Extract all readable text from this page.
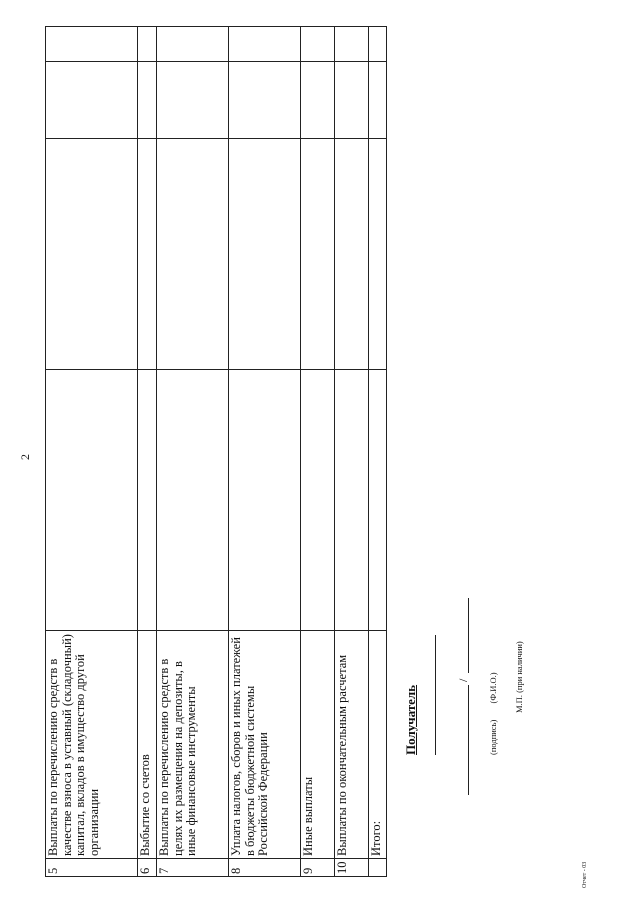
2
5	Выплаты по перечислению средств в качестве взноса в уставный (складочный) капитал, вкладов в имущество другой организации				
6	Выбытие со счетов				
7	Выплаты по перечислению средств в целях их размещения на депозиты, в иные финансовые инструменты				
8	Уплата налогов, сборов и иных платежей в бюджеты бюджетной системы Российской Федерации				
9	Иные выплаты				
10	Выплаты по окончательным расчетам				
	Итого:				
Получатель
/
(подпись)  (Ф.И.О.) М.П. (при наличии)
Отчет - 03
